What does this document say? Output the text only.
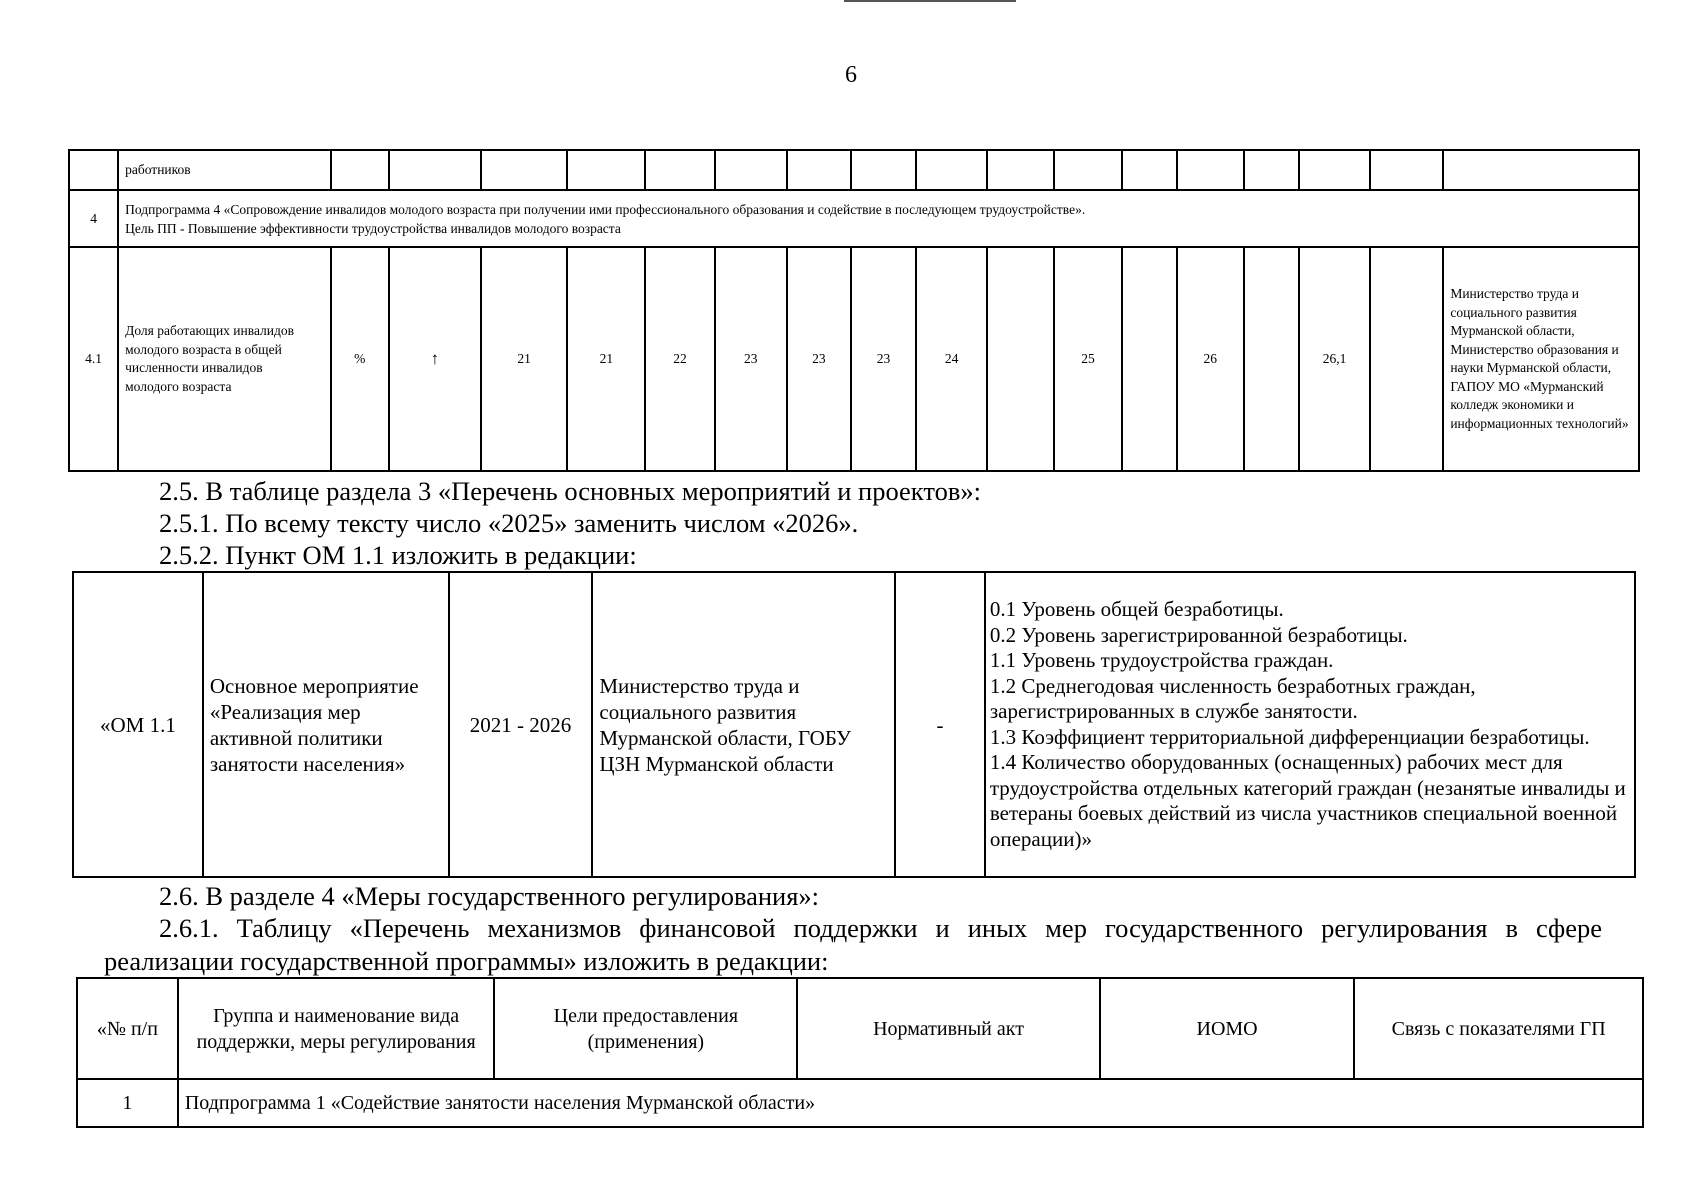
6
	работников																	
4	Подпрограмма 4 «Сопровождение инвалидов молодого возраста при получении ими профессионального образования и содействие в последующем трудоустройстве».
Цель ПП - Повышение эффективности трудоустройства инвалидов молодого возраста																	

4.1	Доля работающих инвалидов молодого возраста в общей численности инвалидов молодого возраста	%	↑	21	21	22	23	23	23	24		25		26		26,1		Министерство труда и социального развития Мурманской области, Министерство образования и науки Мурманской области, ГАПОУ МО «Мурманский колледж экономики и информационных технологий»
2.5. В таблице раздела 3 «Перечень основных мероприятий и проектов»:
2.5.1. По всему тексту число «2025» заменить числом «2026».
2.5.2. Пункт ОМ 1.1 изложить в редакции:
«ОМ 1.1	Основное мероприятие «Реализация мер активной политики занятости населения»	2021 - 2026	Министерство труда и социального развития Мурманской области, ГОБУ ЦЗН Мурманской области	-	
0.1 Уровень общей безработицы.
0.2 Уровень зарегистрированной безработицы.
1.1 Уровень трудоустройства граждан.
1.2 Среднегодовая численность безработных граждан, зарегистрированных в службе занятости.
1.3 Коэффициент территориальной дифференциации безработицы.
1.4 Количество оборудованных (оснащенных) рабочих мест для трудоустройства отдельных категорий граждан (незанятые инвалиды и ветераны боевых действий из числа участников специальной военной операции)»
2.6. В разделе 4 «Меры государственного регулирования»:
2.6.1. Таблицу «Перечень механизмов финансовой поддержки и иных мер государственного регулирования в сфере
реализации государственной программы» изложить в редакции:
«№ п/п	Группа и наименование вида поддержки, меры регулирования	Цели предоставления (применения)	Нормативный акт	ИОМО	Связь с показателями ГП
1	Подпрограмма 1 «Содействие занятости населения Мурманской области»				
